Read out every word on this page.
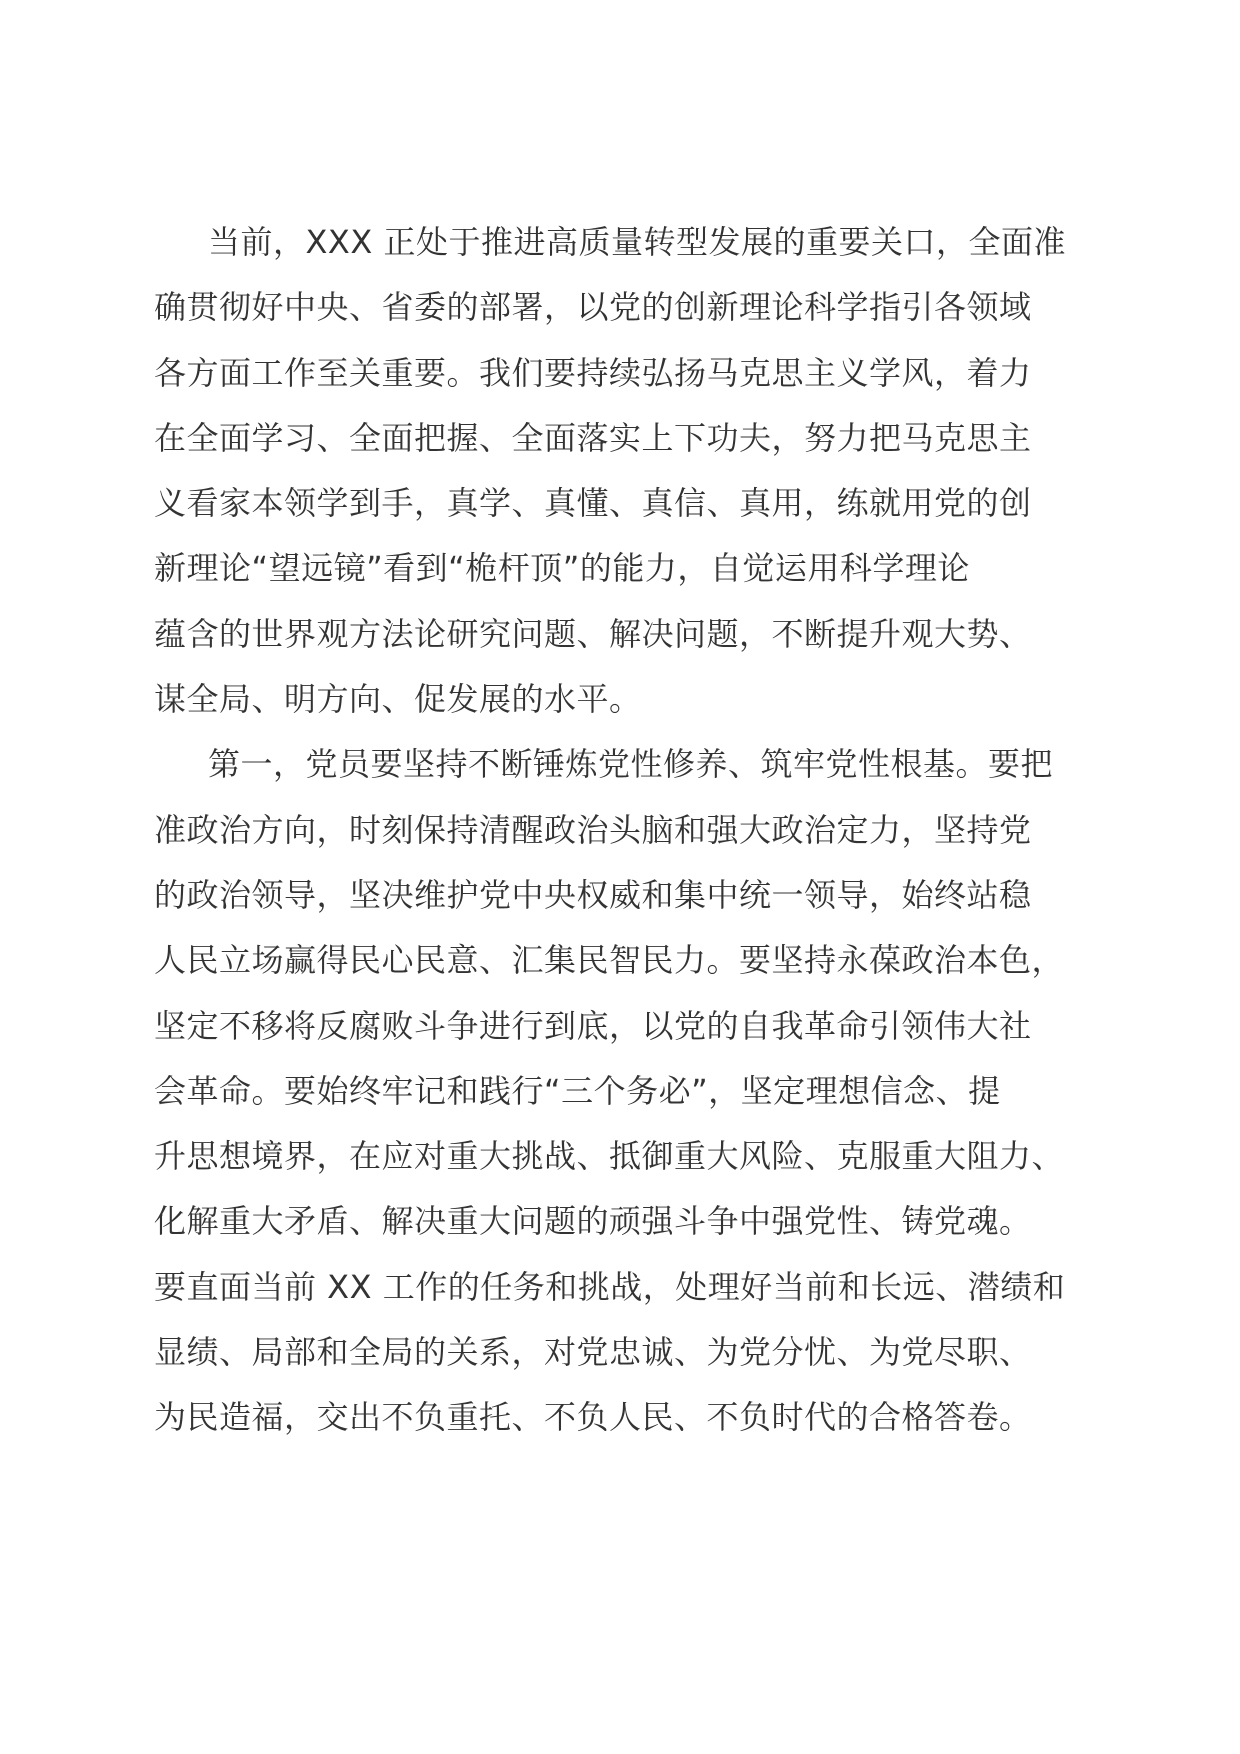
当前，XXX 正处于推进高质量转型发展的重要关口，全面准
确贯彻好中央、省委的部署，以党的创新理论科学指引各领域
各方面工作至关重要。我们要持续弘扬马克思主义学风，着力
在全面学习、全面把握、全面落实上下功夫，努力把马克思主
义看家本领学到手，真学、真懂、真信、真用，练就用党的创
新理论“望远镜”看到“桅杆顶”的能力，自觉运用科学理论
蕴含的世界观方法论研究问题、解决问题，不断提升观大势、
谋全局、明方向、促发展的水平。

第一，党员要坚持不断锤炼党性修养、筑牢党性根基。要把
准政治方向，时刻保持清醒政治头脑和强大政治定力，坚持党
的政治领导，坚决维护党中央权威和集中统一领导，始终站稳
人民立场赢得民心民意、汇集民智民力。要坚持永葆政治本色，
坚定不移将反腐败斗争进行到底，以党的自我革命引领伟大社
会革命。要始终牢记和践行“三个务必”，坚定理想信念、提
升思想境界，在应对重大挑战、抵御重大风险、克服重大阻力、
化解重大矛盾、解决重大问题的顽强斗争中强党性、铸党魂。
要直面当前 XX 工作的任务和挑战，处理好当前和长远、潜绩和
显绩、局部和全局的关系，对党忠诚、为党分忧、为党尽职、
为民造福，交出不负重托、不负人民、不负时代的合格答卷。
